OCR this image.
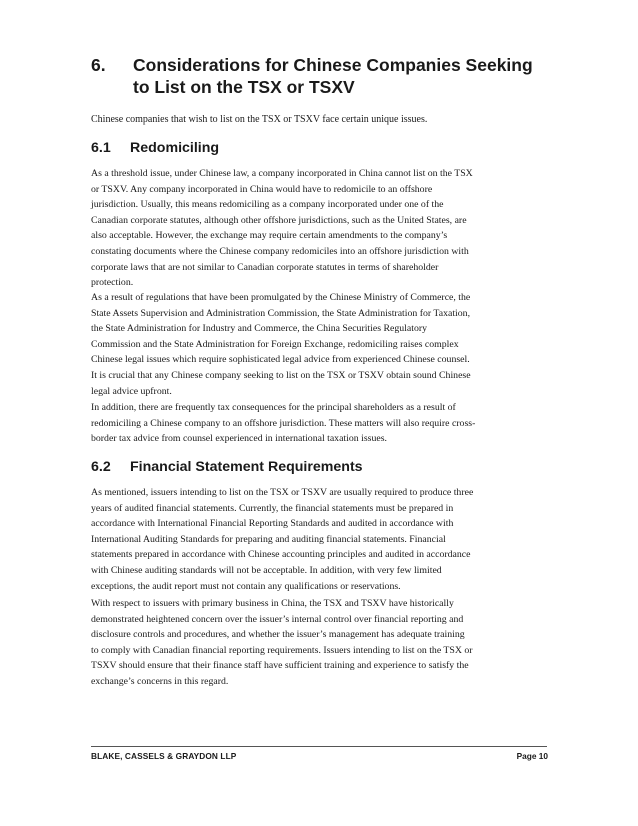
6. Considerations for Chinese Companies Seeking
to List on the TSX or TSXV
Chinese companies that wish to list on the TSX or TSXV face certain unique issues.
6.1 Redomiciling
As a threshold issue, under Chinese law, a company incorporated in China cannot list on the TSX
or TSXV. Any company incorporated in China would have to redomicile to an offshore
jurisdiction. Usually, this means redomiciling as a company incorporated under one of the
Canadian corporate statutes, although other offshore jurisdictions, such as the United States, are
also acceptable. However, the exchange may require certain amendments to the company’s
constating documents where the Chinese company redomiciles into an offshore jurisdiction with
corporate laws that are not similar to Canadian corporate statutes in terms of shareholder
protection.
As a result of regulations that have been promulgated by the Chinese Ministry of Commerce, the
State Assets Supervision and Administration Commission, the State Administration for Taxation,
the State Administration for Industry and Commerce, the China Securities Regulatory
Commission and the State Administration for Foreign Exchange, redomiciling raises complex
Chinese legal issues which require sophisticated legal advice from experienced Chinese counsel.
It is crucial that any Chinese company seeking to list on the TSX or TSXV obtain sound Chinese
legal advice upfront.
In addition, there are frequently tax consequences for the principal shareholders as a result of
redomiciling a Chinese company to an offshore jurisdiction. These matters will also require cross-
border tax advice from counsel experienced in international taxation issues.
6.2 Financial Statement Requirements
As mentioned, issuers intending to list on the TSX or TSXV are usually required to produce three
years of audited financial statements. Currently, the financial statements must be prepared in
accordance with International Financial Reporting Standards and audited in accordance with
International Auditing Standards for preparing and auditing financial statements. Financial
statements prepared in accordance with Chinese accounting principles and audited in accordance
with Chinese auditing standards will not be acceptable. In addition, with very few limited
exceptions, the audit report must not contain any qualifications or reservations.
With respect to issuers with primary business in China, the TSX and TSXV have historically
demonstrated heightened concern over the issuer’s internal control over financial reporting and
disclosure controls and procedures, and whether the issuer’s management has adequate training
to comply with Canadian financial reporting requirements. Issuers intending to list on the TSX or
TSXV should ensure that their finance staff have sufficient training and experience to satisfy the
exchange’s concerns in this regard.
BLAKE, CASSELS & GRAYDON LLP	Page 10
